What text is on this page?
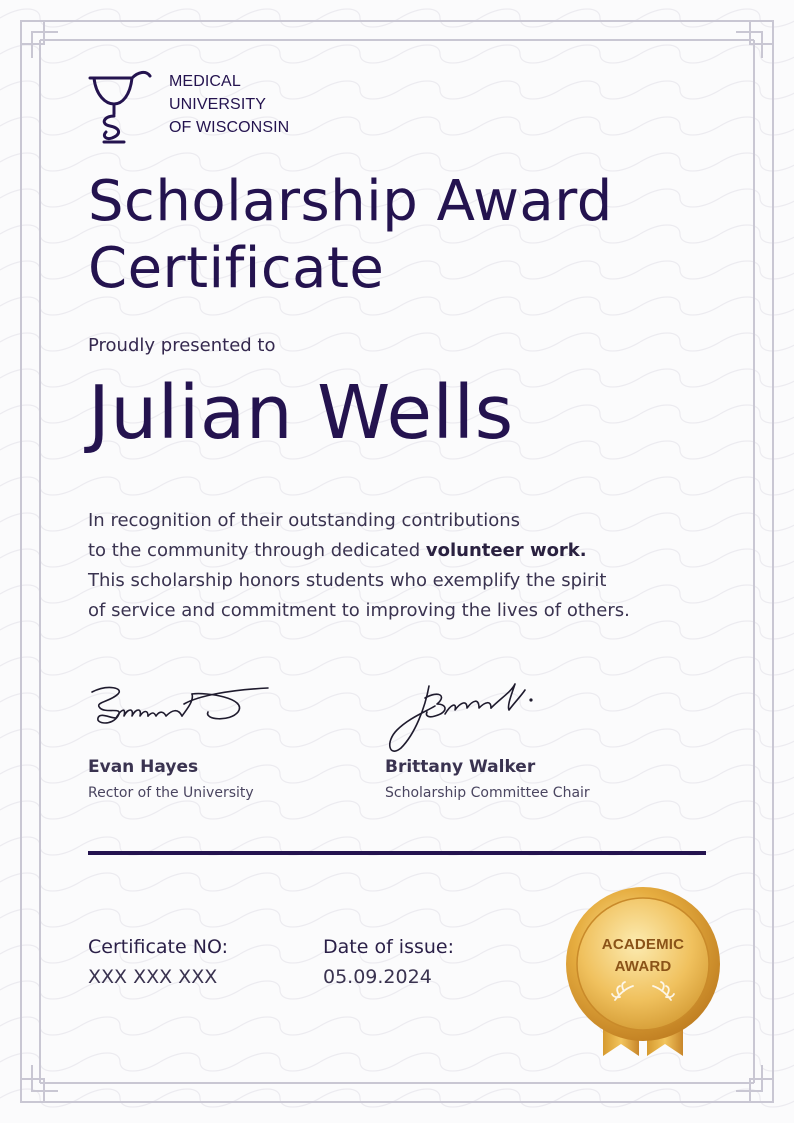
MEDICAL
UNIVERSITY
OF WISCONSIN
Scholarship Award
Certificate
Proudly presented to
Julian Wells

In recognition of their outstanding contributions

to the community through dedicated volunteer work.

This scholarship honors students who exemplify the spirit

of service and commitment to improving the lives of others.

Evan Hayes
Rector of the University
Brittany Walker
Scholarship Committee Chair
Certificate NO:
XXX XXX XXX
Date of issue:
05.09.2024
ACADEMIC
AWARD
